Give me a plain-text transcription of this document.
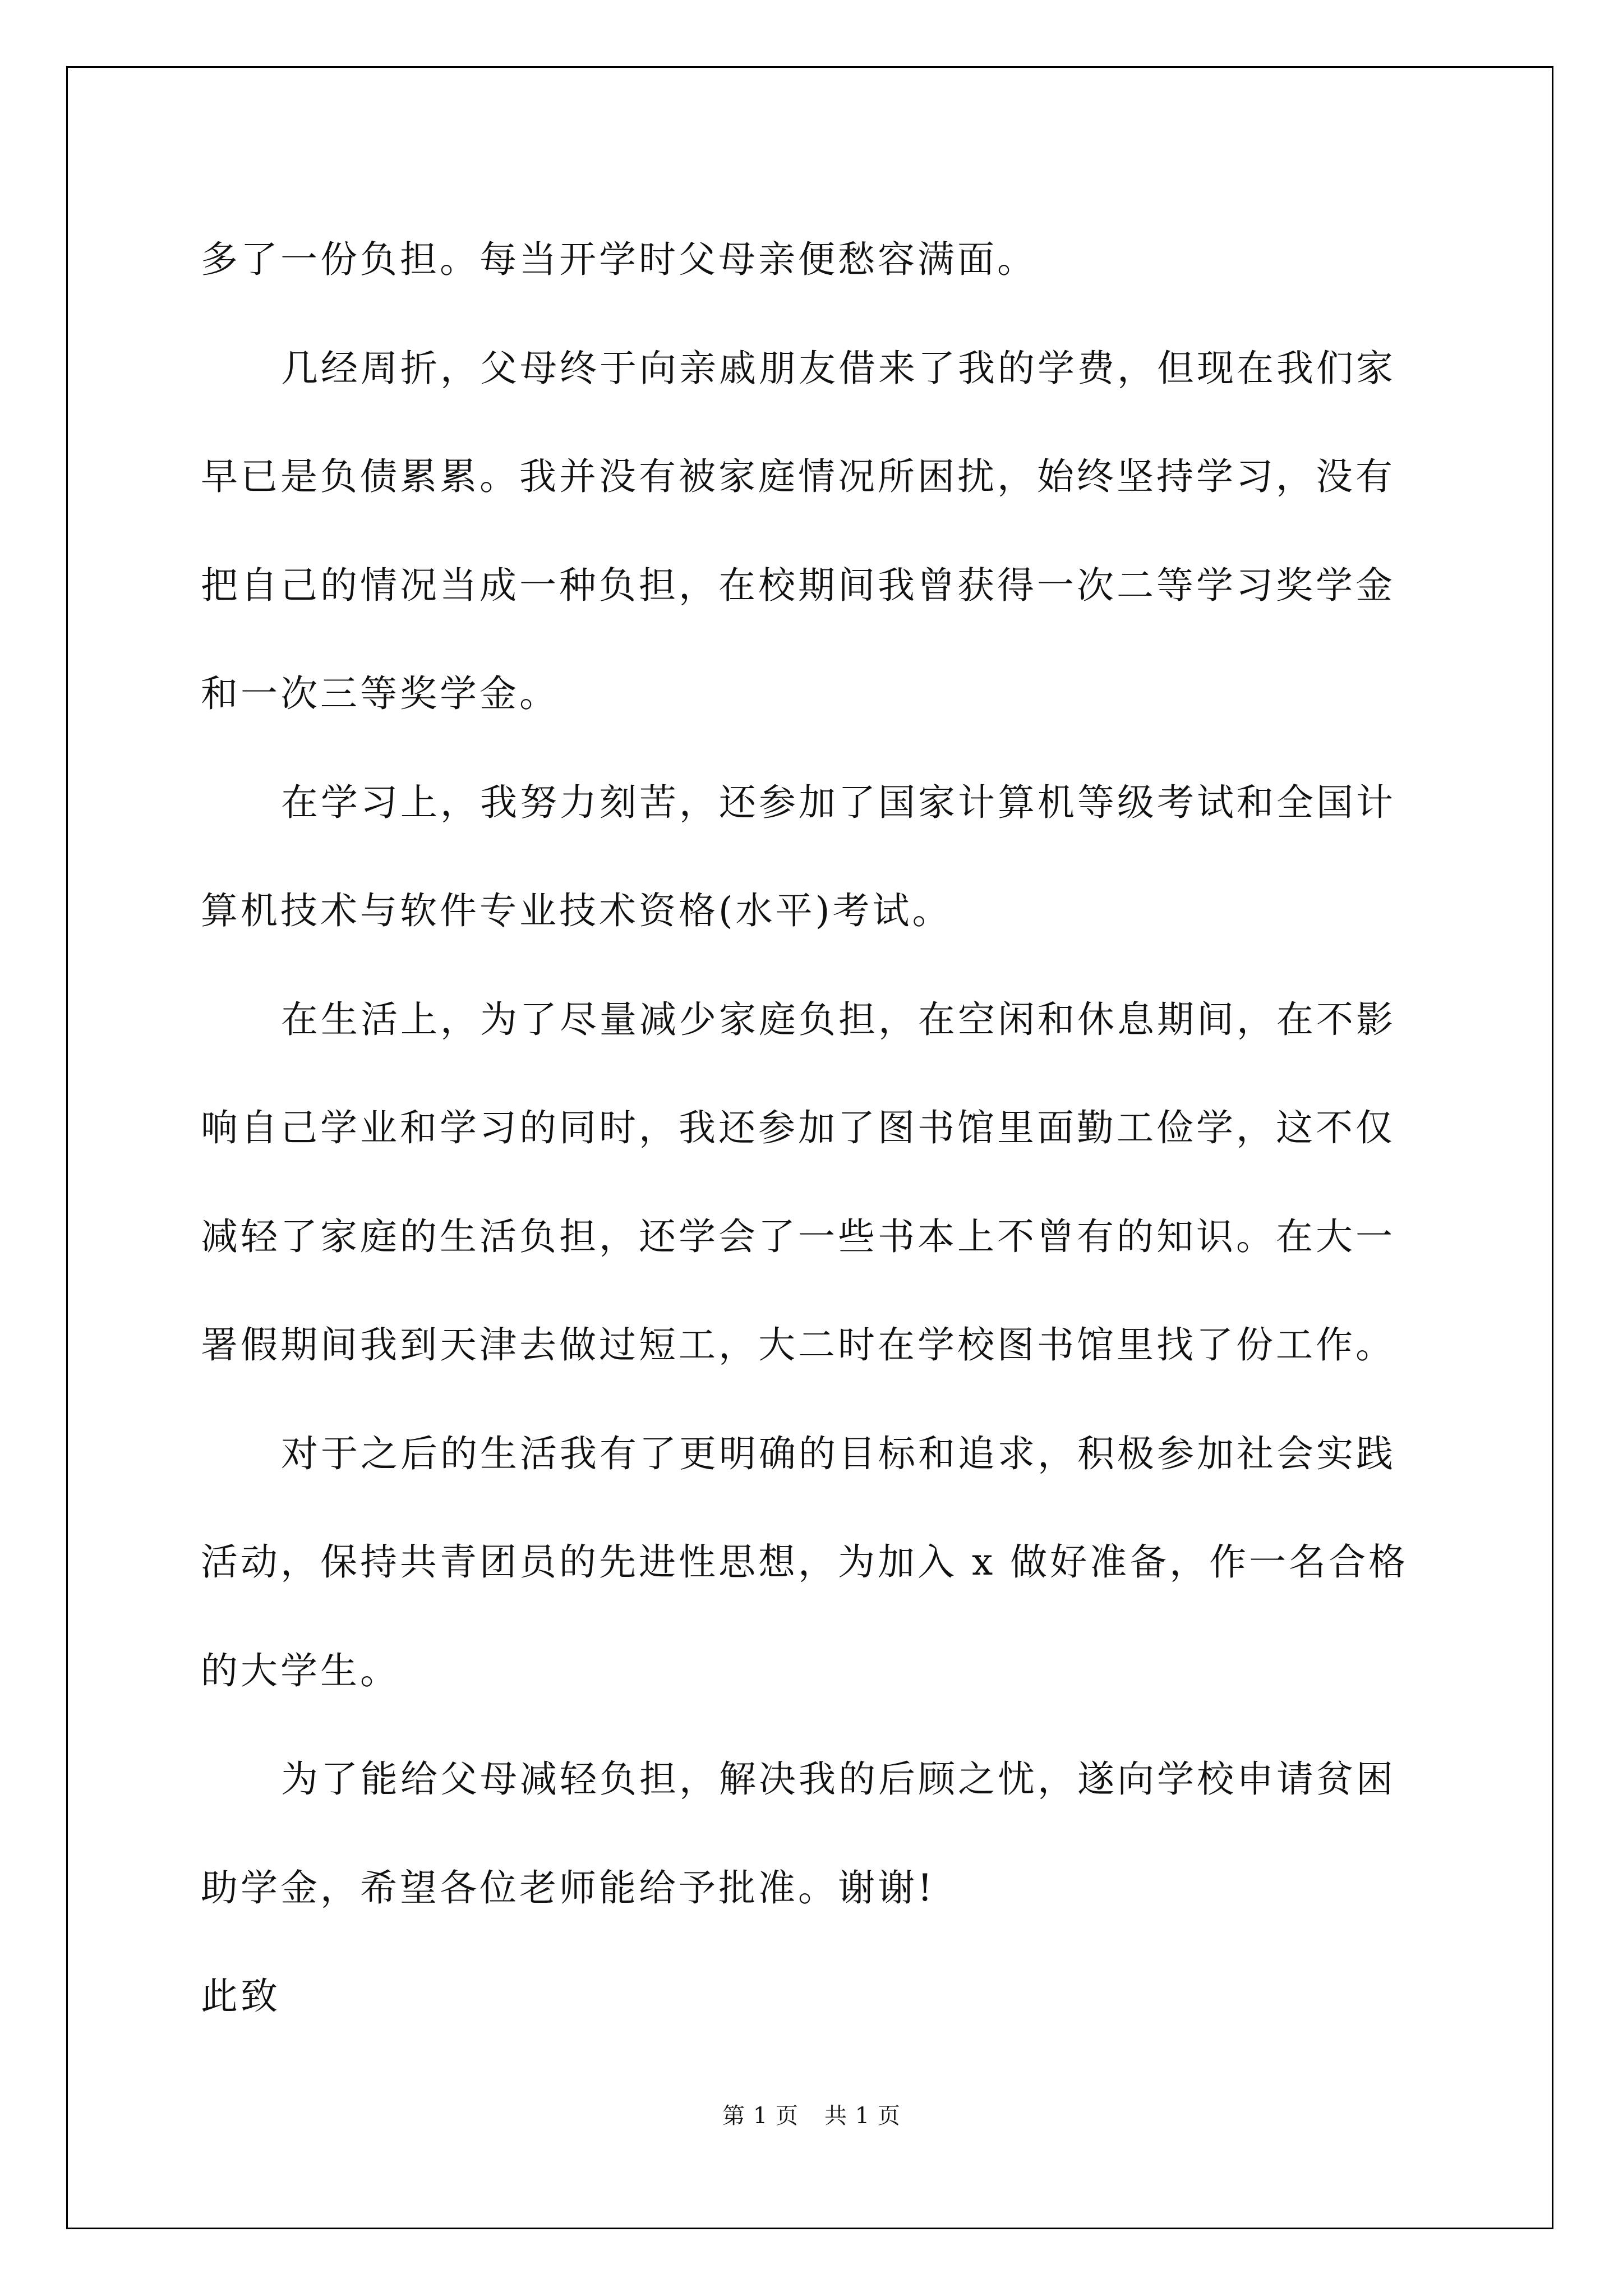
多了一份负担。每当开学时父母亲便愁容满面。
几经周折，父母终于向亲戚朋友借来了我的学费，但现在我们家
早已是负债累累。我并没有被家庭情况所困扰，始终坚持学习，没有
把自己的情况当成一种负担，在校期间我曾获得一次二等学习奖学金
和一次三等奖学金。
在学习上，我努力刻苦，还参加了国家计算机等级考试和全国计
算机技术与软件专业技术资格(水平)考试。
在生活上，为了尽量减少家庭负担，在空闲和休息期间，在不影
响自己学业和学习的同时，我还参加了图书馆里面勤工俭学，这不仅
减轻了家庭的生活负担，还学会了一些书本上不曾有的知识。在大一
署假期间我到天津去做过短工，大二时在学校图书馆里找了份工作。
对于之后的生活我有了更明确的目标和追求，积极参加社会实践
活动，保持共青团员的先进性思想，为加入 x 做好准备，作一名合格
的大学生。
为了能给父母减轻负担，解决我的后顾之忧，遂向学校申请贫困
助学金，希望各位老师能给予批准。谢谢!
此致
第 1 页 共 1 页
